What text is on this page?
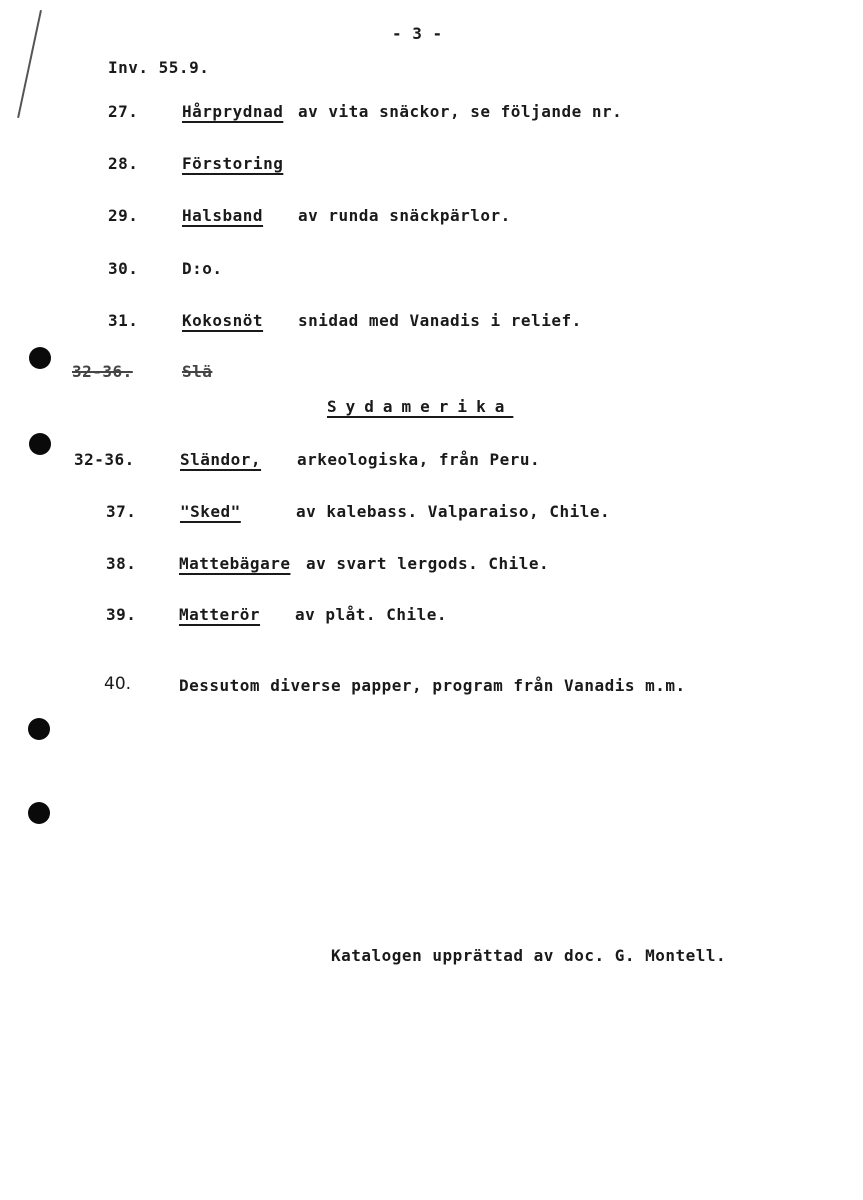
- 3 -
Inv. 55.9.
27.	Hårprydnad av vita snäckor, se följande nr.
28.	Förstoring
29.	Halsband av runda snäckpärlor.
30.	D:o.
31.	Kokosnöt snidad med Vanadis i relief.
32-36.	Slä
Sydamerika
32-36.	Sländor, arkeologiska, från Peru.
37.	"Sked"	av kalebass. Valparaiso, Chile.
38.	Mattebägare av svart lergods. Chile.
39.	Matterör av plåt. Chile.
40.	Dessutom diverse papper, program från Vanadis m.m.
Katalogen upprättad av doc. G. Montell.
